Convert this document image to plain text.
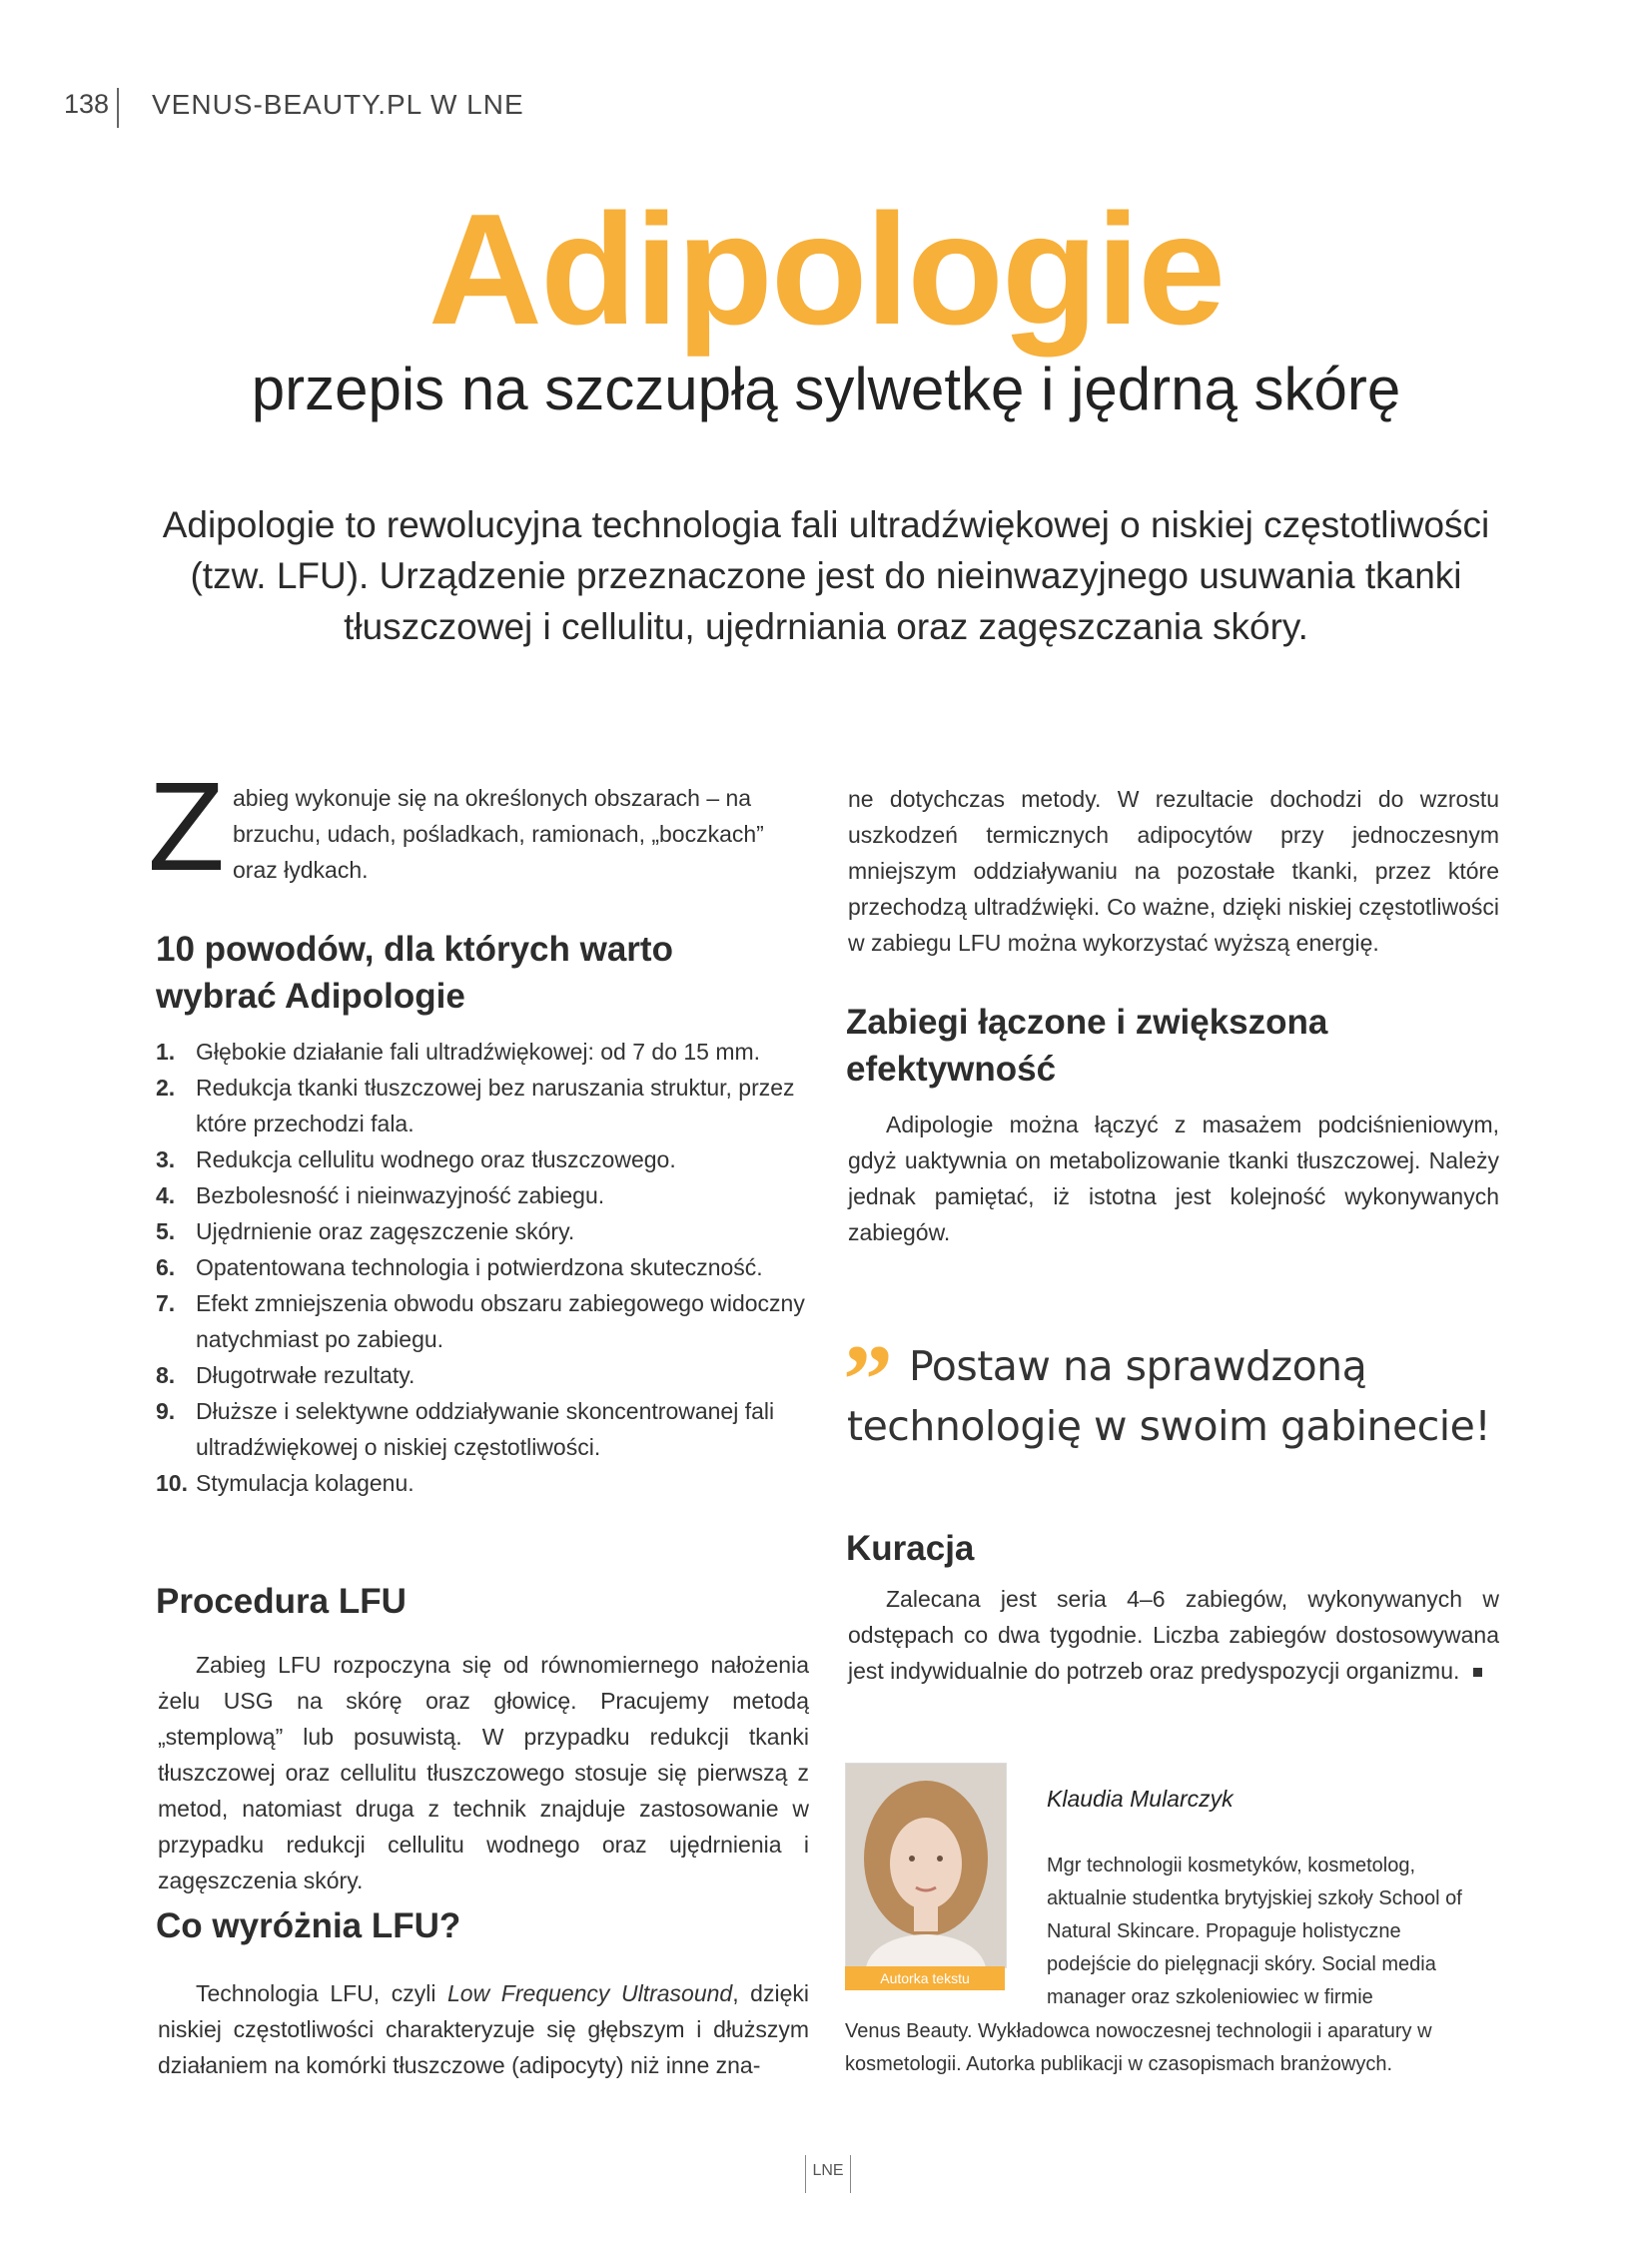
138 VENUS-BEAUTY.PL W LNE
Adipologie
przepis na szczupłą sylwetkę i jędrną skórę
Adipologie to rewolucyjna technologia fali ultradźwiękowej o niskiej częstotliwości (tzw. LFU). Urządzenie przeznaczone jest do nieinwazyjnego usuwania tkanki tłuszczowej i cellulitu, ujędrniania oraz zagęszczania skóry.
Z abieg wykonuje się na określonych obszarach – na brzuchu, udach, pośladkach, ramionach, „boczkach” oraz łydkach.

10 powodów, dla których warto wybrać Adipologie
1. Głębokie działanie fali ultradźwiękowej: od 7 do 15 mm.
2. Redukcja tkanki tłuszczowej bez naruszania struktur, przez które przechodzi fala.
3. Redukcja cellulitu wodnego oraz tłuszczowego.
4. Bezbolesność i nieinwazyjność zabiegu.
5. Ujędrnienie oraz zagęszczenie skóry.
6. Opatentowana technologia i potwierdzona skuteczność.
7. Efekt zmniejszenia obwodu obszaru zabiegowego widoczny natychmiast po zabiegu.
8. Długotrwałe rezultaty.
9. Dłuższe i selektywne oddziaływanie skoncentrowanej fali ultradźwiękowej o niskiej częstotliwości.
10. Stymulacja kolagenu.
Procedura LFU

Zabieg LFU rozpoczyna się od równomiernego nałożenia żelu USG na skórę oraz głowicę. Pracujemy metodą „stemplową” lub posuwistą. W przypadku redukcji tkanki tłuszczowej oraz cellulitu tłuszczowego stosuje się pierwszą z metod, natomiast druga z technik znajduje zastosowanie w przypadku redukcji cellulitu wodnego oraz ujędrnienia i zagęszczenia skóry.

Co wyróżnia LFU?

Technologia LFU, czyli Low Frequency Ultrasound, dzięki niskiej częstotliwości charakteryzuje się głębszym i dłuższym działaniem na komórki tłuszczowe (adipocyty) niż inne zna-

ne dotychczas metody. W rezultacie dochodzi do wzrostu uszkodzeń termicznych adipocytów przy jednoczesnym mniejszym oddziaływaniu na pozostałe tkanki, przez które przechodzą ultradźwięki. Co ważne, dzięki niskiej częstotliwości w zabiegu LFU można wykorzystać wyższą energię.

Zabiegi łączone i zwiększona efektywność

Adipologie można łączyć z masażem podciśnieniowym, gdyż uaktywnia on metabolizowanie tkanki tłuszczowej. Należy jednak pamiętać, iż istotna jest kolejność wykonywanych zabiegów.

” Postaw na sprawdzoną
technologię w swoim gabinecie!
Kuracja

Zalecana jest seria 4–6 zabiegów, wykonywanych w odstępach co dwa tygodnie. Liczba zabiegów dostosowywana jest indywidualnie do potrzeb oraz predyspozycji organizmu.

Autorka tekstu
Klaudia Mularczyk
Mgr technologii kosmetyków, kosmetolog, aktualnie studentka brytyjskiej szkoły School of Natural Skincare. Propaguje holistyczne podejście do pielęgnacji skóry. Social media manager oraz szkoleniowiec w firmie
Venus Beauty. Wykładowca nowoczesnej technologii i aparatury w kosmetologii. Autorka publikacji w czasopismach branżowych.
LNE
